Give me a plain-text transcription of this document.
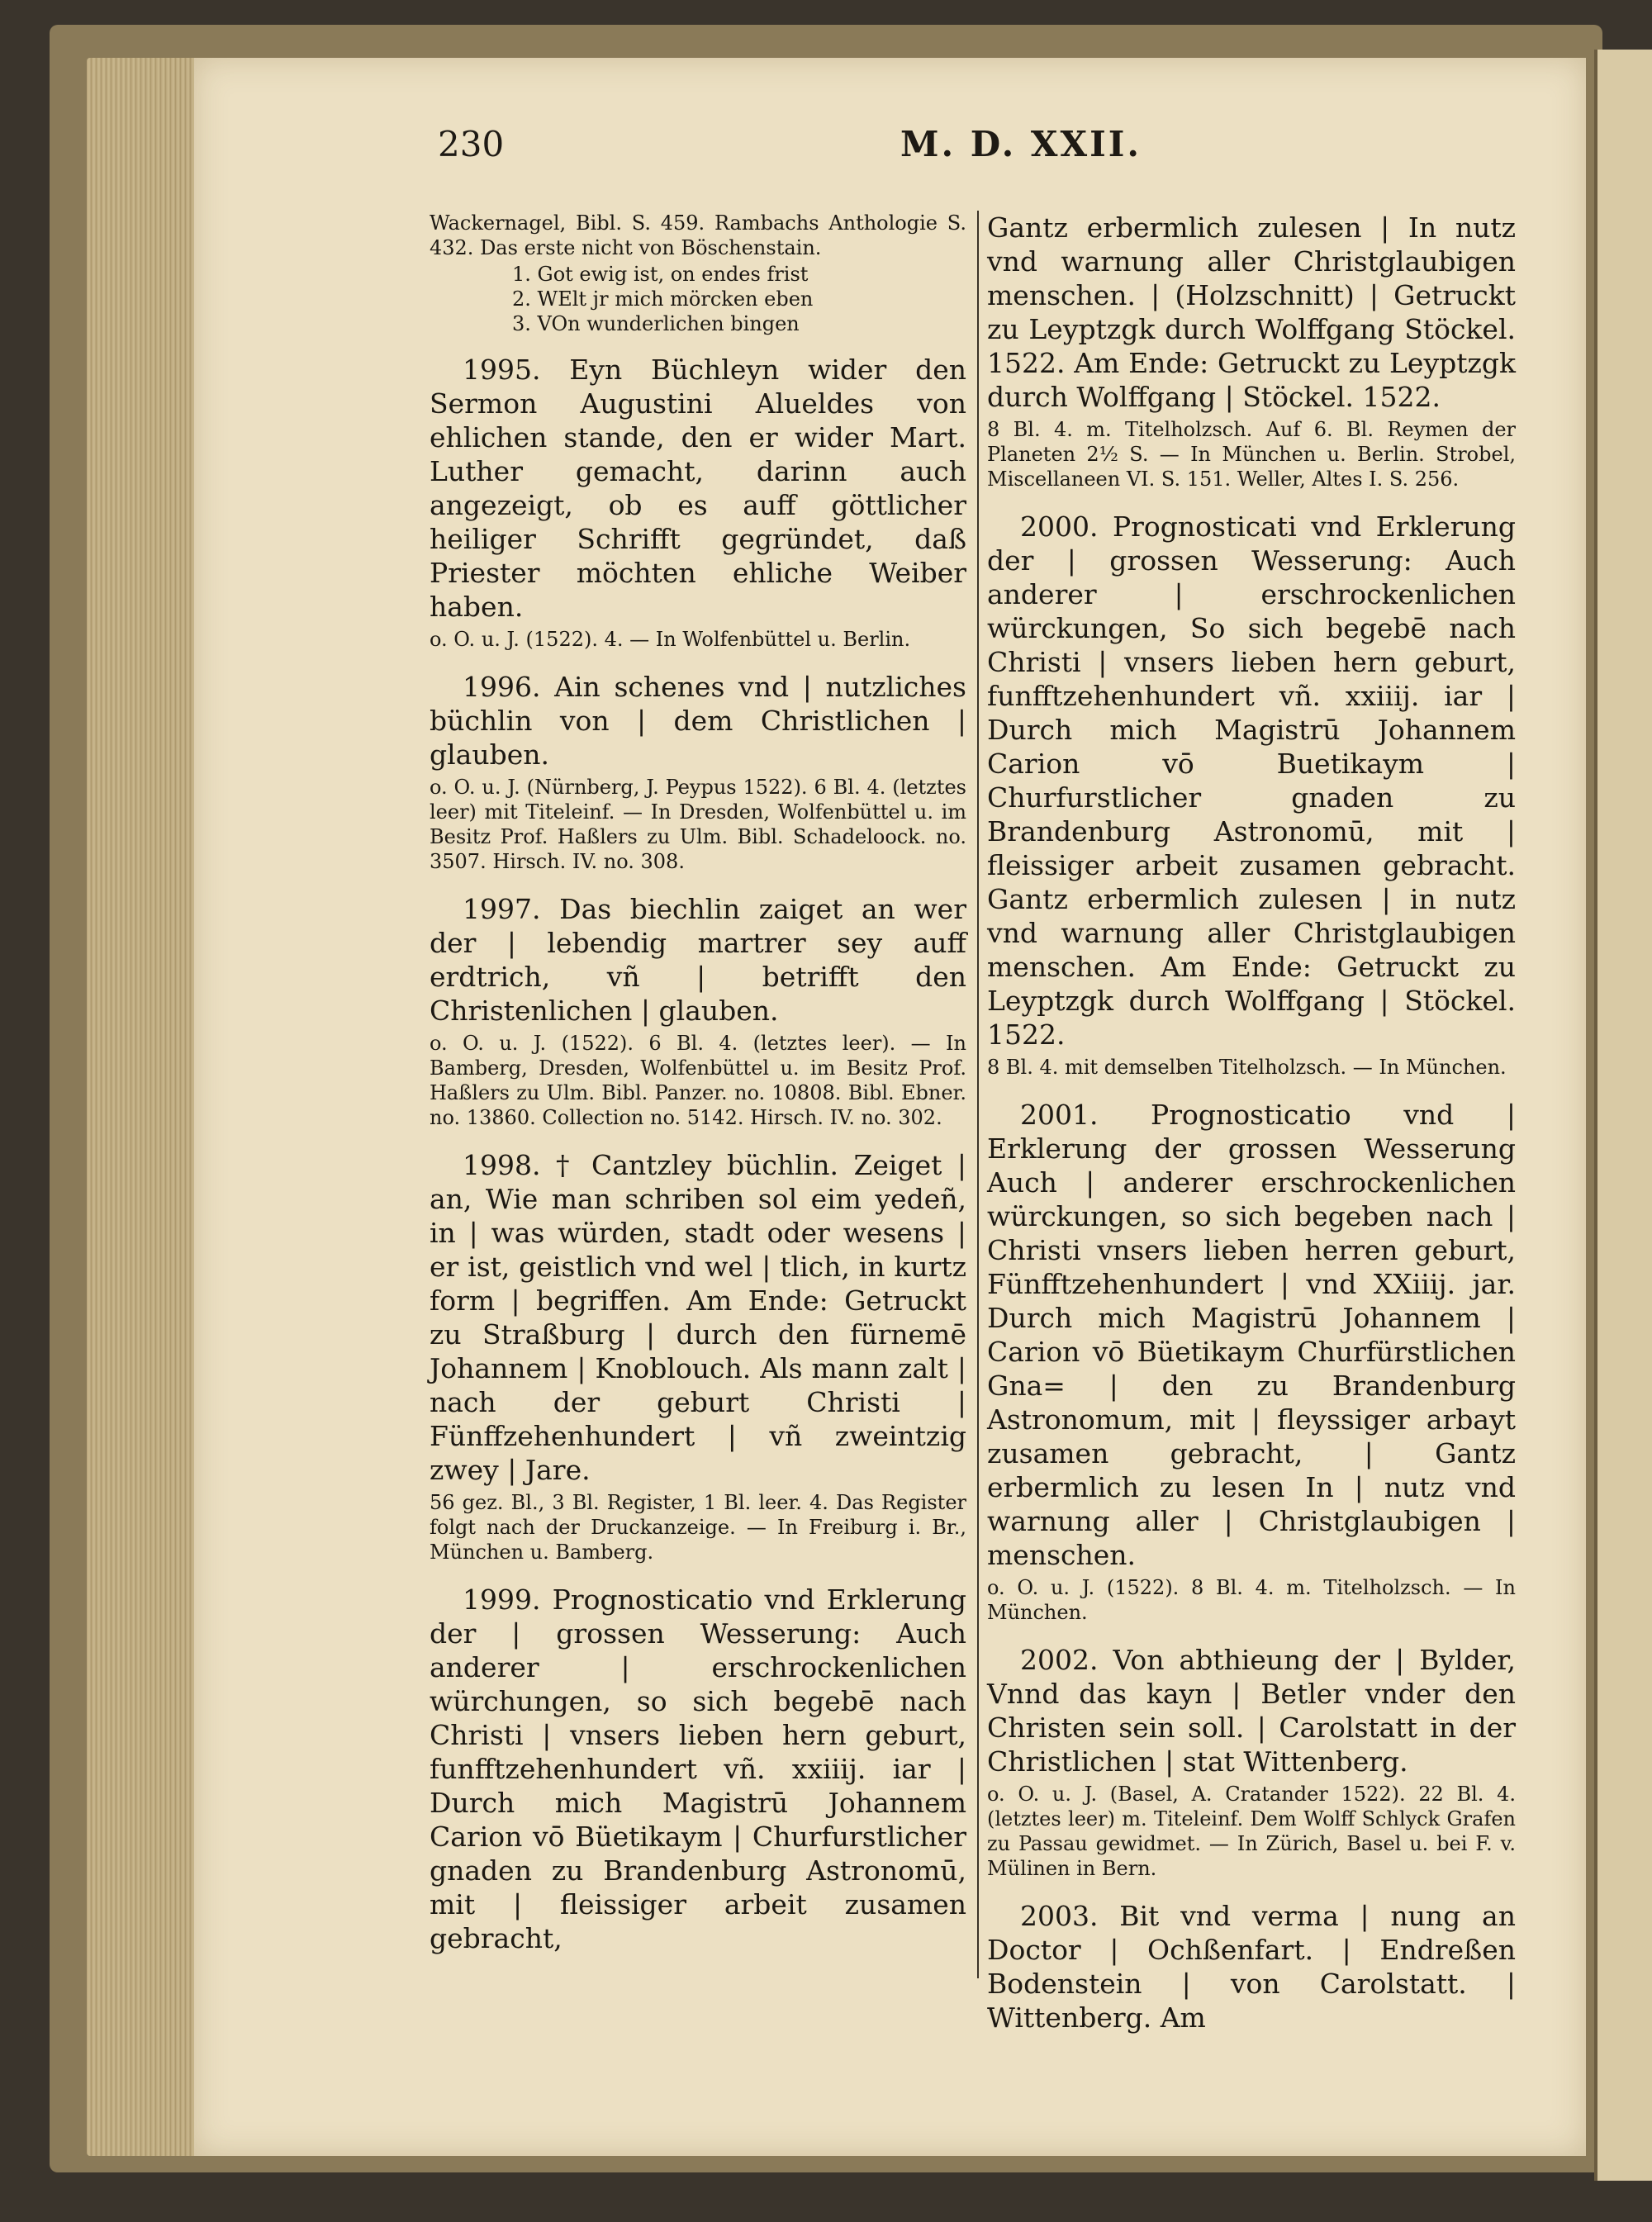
230	M. D. XXII.
Wackernagel, Bibl. S. 459. Rambachs Anthologie S. 432. Das erste nicht von Böschenstain.
1. Got ewig ist, on endes frist
2. WElt jr mich mörcken eben
3. VOn wunderlichen bingen
1995. Eyn Büchleyn wider den Sermon Augustini Alueldes von ehlichen stande, den er wider Mart. Luther gemacht, darinn auch angezeigt, ob es auff göttlicher heiliger Schrifft gegründet, daß Priester möchten ehliche Weiber haben.
o. O. u. J. (1522). 4. — In Wolfenbüttel u. Berlin.
1996. Ain schenes vnd | nutzliches büchlin von | dem Christlichen | glauben.
o. O. u. J. (Nürnberg, J. Peypus 1522). 6 Bl. 4. (letztes leer) mit Titeleinf. — In Dresden, Wolfenbüttel u. im Besitz Prof. Haßlers zu Ulm. Bibl. Schadeloock. no. 3507. Hirsch. IV. no. 308.
1997. Das biechlin zaiget an wer der | lebendig martrer sey auff erdtrich, vñ | betrifft den Christenlichen | glauben.
o. O. u. J. (1522). 6 Bl. 4. (letztes leer). — In Bamberg, Dresden, Wolfenbüttel u. im Besitz Prof. Haßlers zu Ulm. Bibl. Panzer. no. 10808. Bibl. Ebner. no. 13860. Collection no. 5142. Hirsch. IV. no. 302.
1998. † Cantzley büchlin. Zeiget | an, Wie man schriben sol eim yedeñ, in | was würden, stadt oder wesens | er ist, geistlich vnd wel | tlich, in kurtz form | begriffen. Am Ende: Getruckt zu Straßburg | durch den fürnemē Johannem | Knoblouch. Als mann zalt | nach der geburt Christi | Fünffzehenhundert | vñ zweintzig zwey | Jare.
56 gez. Bl., 3 Bl. Register, 1 Bl. leer. 4. Das Register folgt nach der Druckanzeige. — In Freiburg i. Br., München u. Bamberg.
1999. Prognosticatio vnd Erklerung der | grossen Wesserung: Auch anderer | erschrockenlichen würchungen, so sich begebē nach Christi | vnsers lieben hern geburt, funfftzehenhundert vñ. xxiiij. iar | Durch mich Magistrū Johannem Carion vō Büetikaym | Churfurstlicher gnaden zu Brandenburg Astronomū, mit | fleissiger arbeit zusamen gebracht,
Gantz erbermlich zulesen | In nutz vnd warnung aller Christglaubigen menschen. | (Holzschnitt) | Getruckt zu Leyptzgk durch Wolffgang Stöckel. 1522. Am Ende: Getruckt zu Leyptzgk durch Wolffgang | Stöckel. 1522.
8 Bl. 4. m. Titelholzsch. Auf 6. Bl. Reymen der Planeten 2½ S. — In München u. Berlin. Strobel, Miscellaneen VI. S. 151. Weller, Altes I. S. 256.
2000. Prognosticati vnd Erklerung der | grossen Wesserung: Auch anderer | erschrockenlichen würckungen, So sich begebē nach Christi | vnsers lieben hern geburt, funfftzehenhundert vñ. xxiiij. iar | Durch mich Magistrū Johannem Carion vō Buetikaym | Churfurstlicher gnaden zu Brandenburg Astronomū, mit | fleissiger arbeit zusamen gebracht. Gantz erbermlich zulesen | in nutz vnd warnung aller Christglaubigen menschen. Am Ende: Getruckt zu Leyptzgk durch Wolffgang | Stöckel. 1522.
8 Bl. 4. mit demselben Titelholzsch. — In München.
2001. Prognosticatio vnd | Erklerung der grossen Wesserung Auch | anderer erschrockenlichen würckungen, so sich begeben nach | Christi vnsers lieben herren geburt, Fünfftzehenhundert | vnd XXiiij. jar. Durch mich Magistrū Johannem | Carion vō Büetikaym Churfürstlichen Gna= | den zu Brandenburg Astronomum, mit | fleyssiger arbayt zusamen gebracht, | Gantz erbermlich zu lesen In | nutz vnd warnung aller | Christglaubigen | menschen.
o. O. u. J. (1522). 8 Bl. 4. m. Titelholzsch. — In München.
2002. Von abthieung der | Bylder, Vnnd das kayn | Betler vnder den Christen sein soll. | Carolstatt in der Christlichen | stat Wittenberg.
o. O. u. J. (Basel, A. Cratander 1522). 22 Bl. 4. (letztes leer) m. Titeleinf. Dem Wolff Schlyck Grafen zu Passau gewidmet. — In Zürich, Basel u. bei F. v. Mülinen in Bern.
2003. Bit vnd verma | nung an Doctor | Ochßenfart. | Endreßen Bodenstein | von Carolstatt. | Wittenberg. Am
